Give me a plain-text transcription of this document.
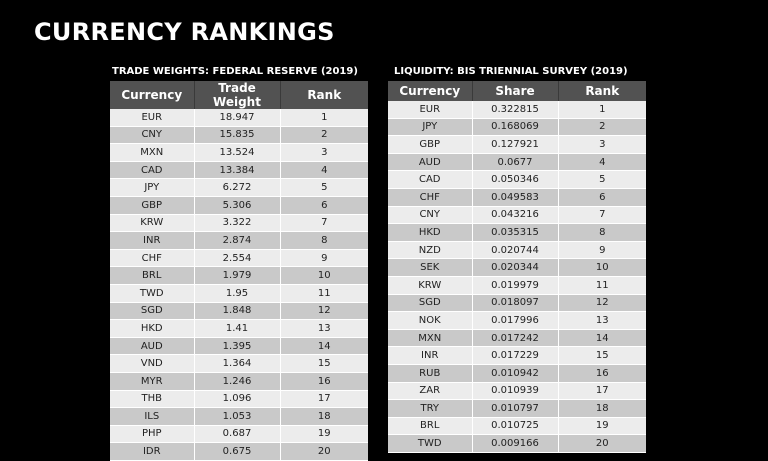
CURRENCY RANKINGS
TRADE WEIGHTS: FEDERAL RESERVE (2019)
Currency	Trade Weight	Rank
EUR	18.947	1
CNY	15.835	2
MXN	13.524	3
CAD	13.384	4
JPY	6.272	5
GBP	5.306	6
KRW	3.322	7
INR	2.874	8
CHF	2.554	9
BRL	1.979	10
TWD	1.95	11
SGD	1.848	12
HKD	1.41	13
AUD	1.395	14
VND	1.364	15
MYR	1.246	16
THB	1.096	17
ILS	1.053	18
PHP	0.687	19
IDR	0.675	20
LIQUIDITY: BIS TRIENNIAL SURVEY (2019)
Currency	Share	Rank
EUR	0.322815	1
JPY	0.168069	2
GBP	0.127921	3
AUD	0.0677	4
CAD	0.050346	5
CHF	0.049583	6
CNY	0.043216	7
HKD	0.035315	8
NZD	0.020744	9
SEK	0.020344	10
KRW	0.019979	11
SGD	0.018097	12
NOK	0.017996	13
MXN	0.017242	14
INR	0.017229	15
RUB	0.010942	16
ZAR	0.010939	17
TRY	0.010797	18
BRL	0.010725	19
TWD	0.009166	20
